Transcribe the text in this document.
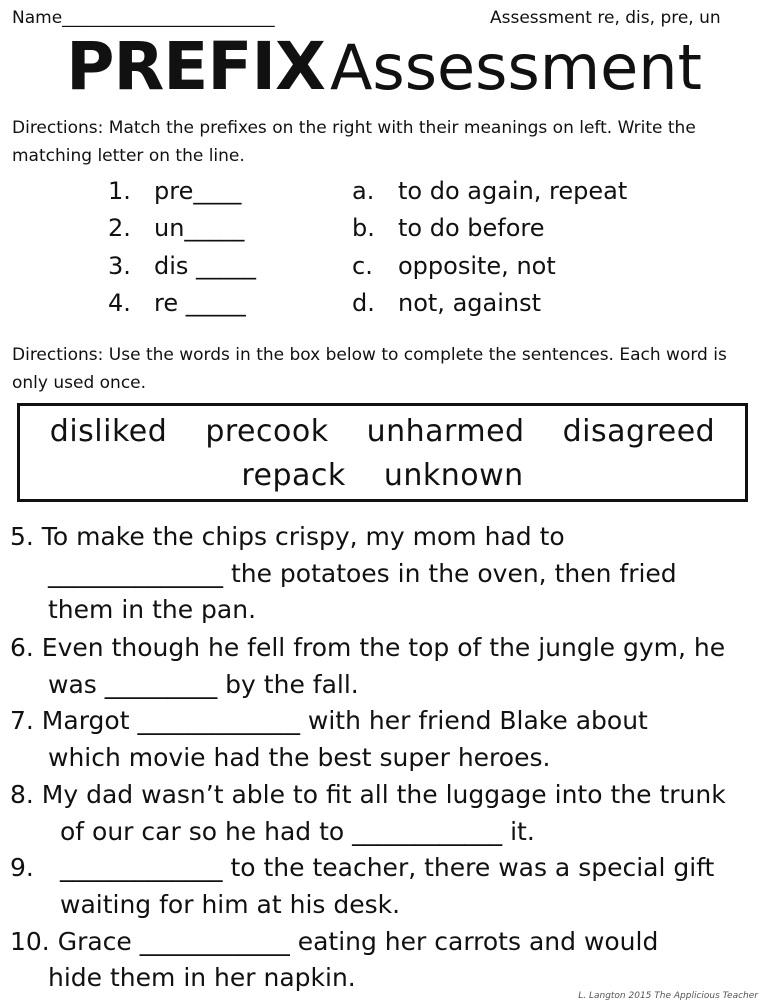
Name_________________________	Assessment re, dis, pre, un
PREFIX Assessment
Directions: Match the prefixes on the right with their meanings on left. Write the matching letter on the line.
1. pre____
2. un_____
3. dis _____
4. re _____
a. to do again, repeat
b. to do before
c. opposite, not
d. not, against
Directions: Use the words in the box below to complete the sentences. Each word is only used once.
disliked precook unharmed disagreed
repack unknown
5. To make the chips crispy, my mom had to
______________ the potatoes in the oven, then fried
them in the pan.
6. Even though he fell from the top of the jungle gym, he
was _________ by the fall.
7. Margot _____________ with her friend Blake about
which movie had the best super heroes.
8. My dad wasn’t able to fit all the luggage into the trunk
of our car so he had to ____________ it.
9. _____________ to the teacher, there was a special gift
waiting for him at his desk.
10. Grace ____________ eating her carrots and would
hide them in her napkin.
L. Langton 2015 The Applicious Teacher
